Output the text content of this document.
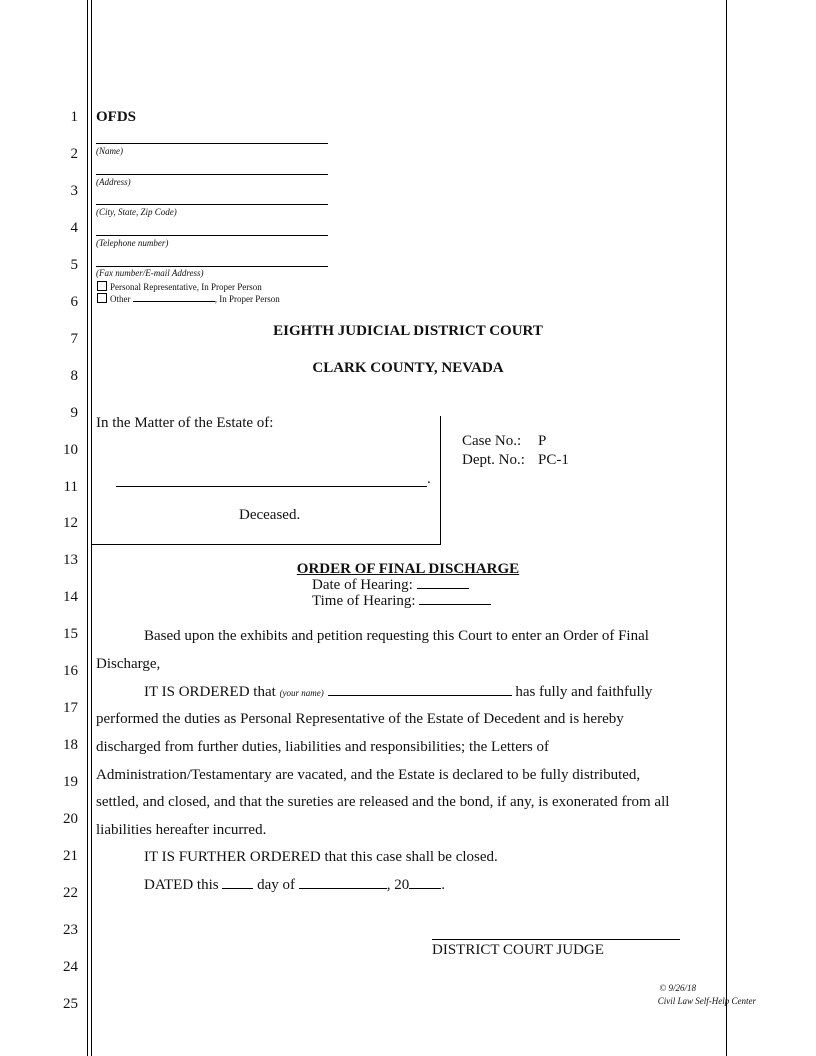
1
2
3
4
5
6
7
8
9
10
11
12
13
14
15
16
17
18
19
20
21
22
23
24
25
OFDS
(Name)
(Address)
(City, State, Zip Code)
(Telephone number)
(Fax number/E-mail Address)
Personal Representative, In Proper Person
Other	, In Proper Person
EIGHTH JUDICIAL DISTRICT COURT
CLARK COUNTY, NEVADA
In the Matter of the Estate of:
.
Deceased.
Case No.: P
Dept. No.: PC-1
ORDER OF FINAL DISCHARGE
Date of Hearing:
Time of Hearing:
Based upon the exhibits and petition requesting this Court to enter an Order of Final
Discharge,
IT IS ORDERED that (your name)	has fully and faithfully
performed the duties as Personal Representative of the Estate of Decedent and is hereby
discharged from further duties, liabilities and responsibilities; the Letters of
Administration/Testamentary are vacated, and the Estate is declared to be fully distributed,
settled, and closed, and that the sureties are released and the bond, if any, is exonerated from all
liabilities hereafter incurred.
IT IS FURTHER ORDERED that this case shall be closed.
DATED this	day of	, 20 .
DISTRICT COURT JUDGE
© 9/26/18
Civil Law Self-Help Center
